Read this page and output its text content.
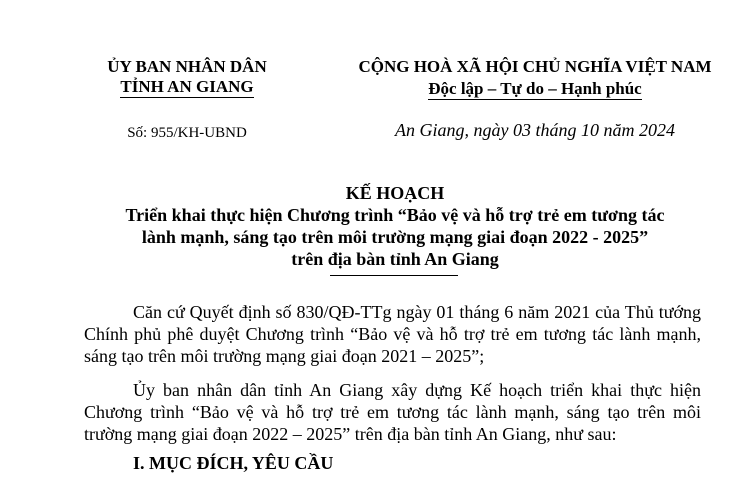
ỦY BAN NHÂN DÂN
TỈNH AN GIANG
Số: 955/KH-UBND
CỘNG HOÀ XÃ HỘI CHỦ NGHĨA VIỆT NAM
Độc lập – Tự do – Hạnh phúc
An Giang, ngày 03 tháng 10 năm 2024
KẾ HOẠCH
Triển khai thực hiện Chương trình “Bảo vệ và hỗ trợ trẻ em tương tác
lành mạnh, sáng tạo trên môi trường mạng giai đoạn 2022 - 2025”
trên địa bàn tỉnh An Giang
Căn cứ Quyết định số 830/QĐ-TTg ngày 01 tháng 6 năm 2021 của Thủ tướng Chính phủ phê duyệt Chương trình “Bảo vệ và hỗ trợ trẻ em tương tác lành mạnh, sáng tạo trên môi trường mạng giai đoạn 2021 – 2025”;
Ủy ban nhân dân tỉnh An Giang xây dựng Kế hoạch triển khai thực hiện Chương trình “Bảo vệ và hỗ trợ trẻ em tương tác lành mạnh, sáng tạo trên môi trường mạng giai đoạn 2022 – 2025” trên địa bàn tỉnh An Giang, như sau:
I. MỤC ĐÍCH, YÊU CẦU
